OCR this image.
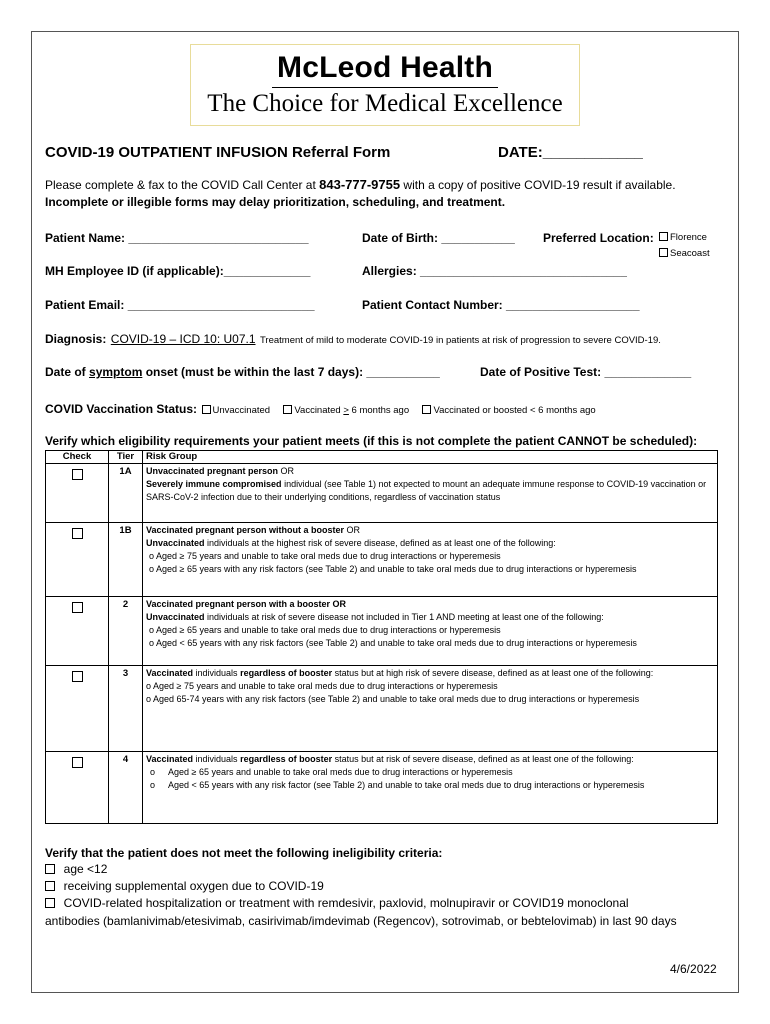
McLeod Health
The Choice for Medical Excellence
COVID-19 OUTPATIENT INFUSION Referral Form	DATE:____________
Please complete & fax to the COVID Call Center at 843-777-9755 with a copy of positive COVID-19 result if available.
Incomplete or illegible forms may delay prioritization, scheduling, and treatment.
Patient Name: ___________________________	Date of Birth: ___________ Preferred Location:	Florence
Seacoast
MH Employee ID (if applicable):_____________	Allergies: _______________________________
Patient Email: ____________________________	Patient Contact Number: ____________________
Diagnosis: COVID-19 – ICD 10: U07.1 Treatment of mild to moderate COVID-19 in patients at risk of progression to severe COVID-19.
Date of symptom onset (must be within the last 7 days): ___________	Date of Positive Test: _____________
COVID Vaccination Status: Unvaccinated	Vaccinated > 6 months ago	Vaccinated or boosted < 6 months ago
Verify which eligibility requirements your patient meets (if this is not complete the patient CANNOT be scheduled):
Check	Tier	Risk Group
	1A	Unvaccinated pregnant person OR
Severely immune compromised individual (see Table 1) not expected to mount an adequate immune response to COVID-19 vaccination or SARS-CoV-2 infection due to their underlying conditions, regardless of vaccination status

	1B	Vaccinated pregnant person without a booster OR
Unvaccinated individuals at the highest risk of severe disease, defined as at least one of the following:
o Aged ≥ 75 years and unable to take oral meds due to drug interactions or hyperemesis
o Aged ≥ 65 years with any risk factors (see Table 2) and unable to take oral meds due to drug interactions or hyperemesis

	2	Vaccinated pregnant person with a booster OR
Unvaccinated individuals at risk of severe disease not included in Tier 1 AND meeting at least one of the following:
o Aged ≥ 65 years and unable to take oral meds due to drug interactions or hyperemesis
o Aged < 65 years with any risk factors (see Table 2) and unable to take oral meds due to drug interactions or hyperemesis

	3	Vaccinated individuals regardless of booster status but at high risk of severe disease, defined as at least one of the following:
o Aged ≥ 75 years and unable to take oral meds due to drug interactions or hyperemesis
o Aged 65-74 years with any risk factors (see Table 2) and unable to take oral meds due to drug interactions or hyperemesis

	4	Vaccinated individuals regardless of booster status but at risk of severe disease, defined as at least one of the following:
o Aged ≥ 65 years and unable to take oral meds due to drug interactions or hyperemesis
o Aged < 65 years with any risk factor (see Table 2) and unable to take oral meds due to drug interactions or hyperemesis
Verify that the patient does not meet the following ineligibility criteria:
age <12
receiving supplemental oxygen due to COVID-19
COVID-related hospitalization or treatment with remdesivir, paxlovid, molnupiravir or COVID19 monoclonal
antibodies (bamlanivimab/etesivimab, casirivimab/imdevimab (Regencov), sotrovimab, or bebtelovimab) in last 90 days
4/6/2022
